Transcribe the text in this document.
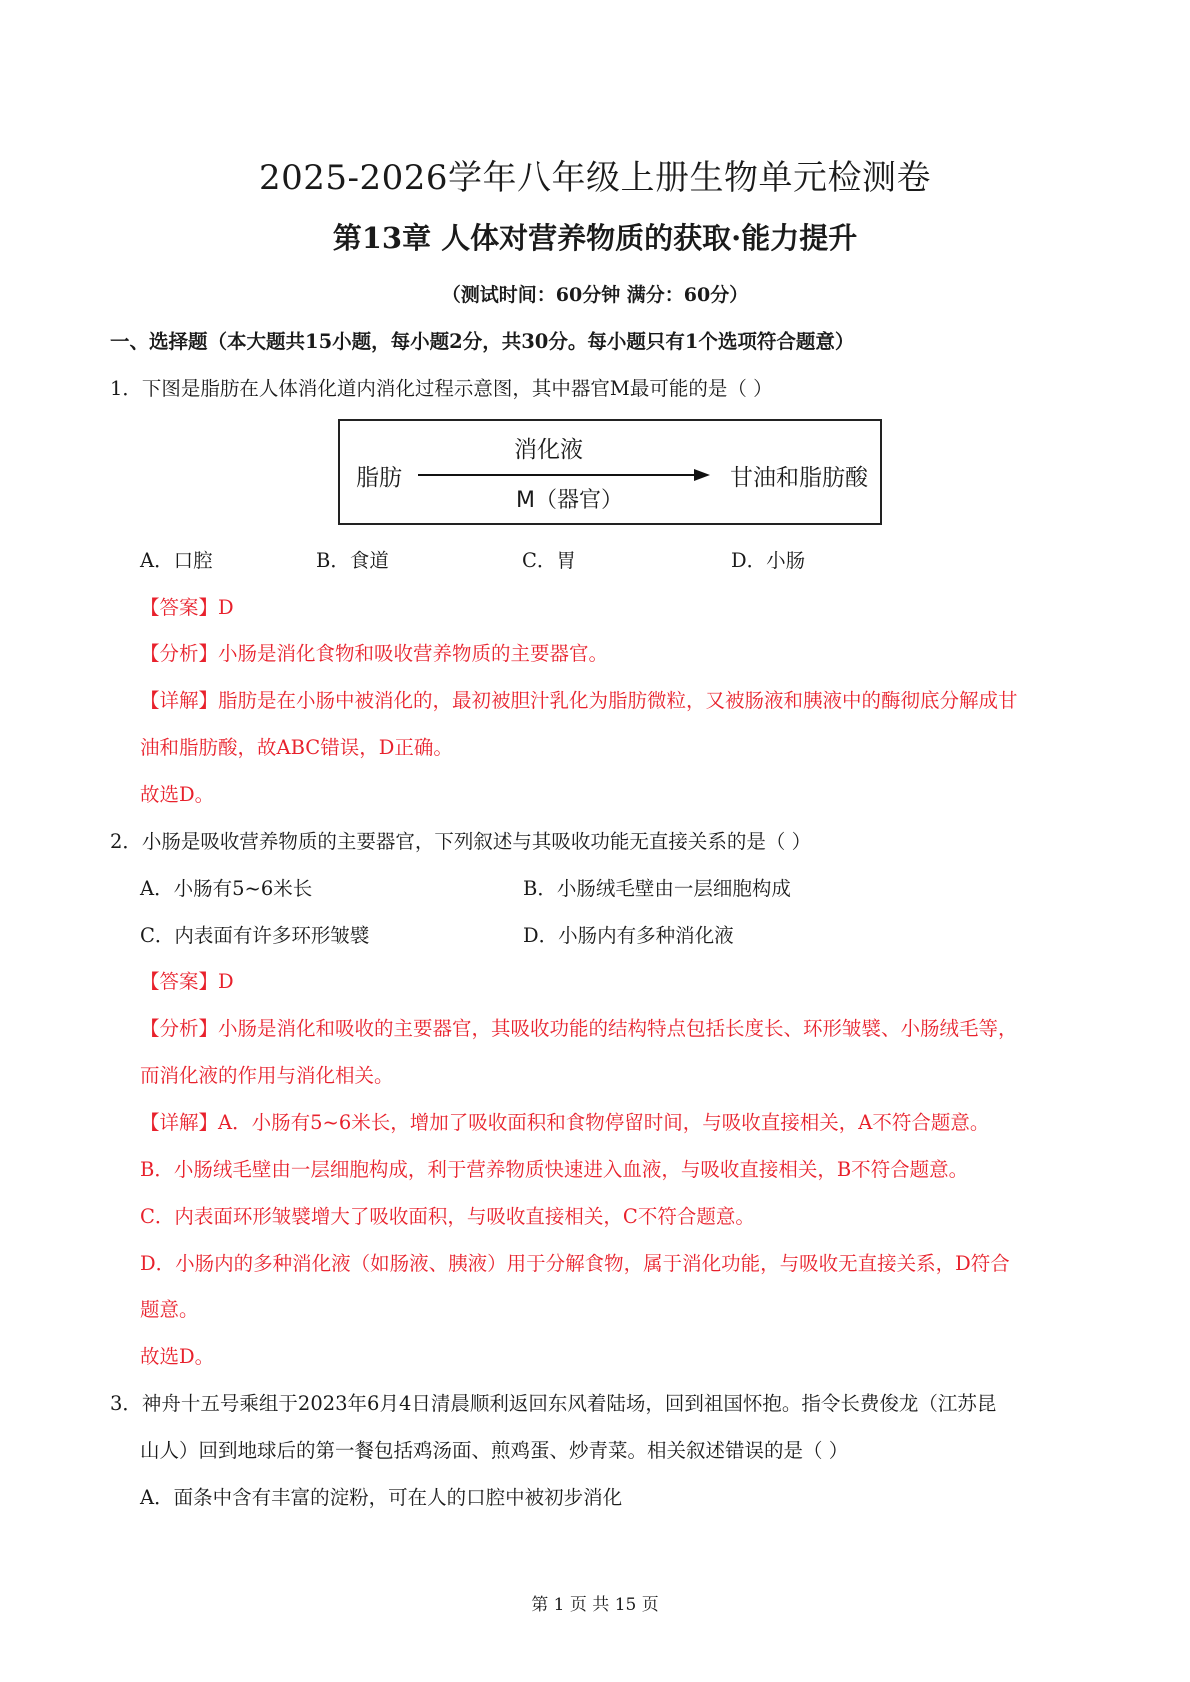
2025-2026学年八年级上册生物单元检测卷
第13章 人体对营养物质的获取·能力提升
（测试时间：60分钟 满分：60分）
一、选择题（本大题共15小题，每小题2分，共30分。每小题只有1个选项符合题意）
1．下图是脂肪在人体消化道内消化过程示意图，其中器官M最可能的是（ ）
脂肪
消化液
M（器官）
甘油和脂肪酸
A．口腔	B．食道	C．胃	D．小肠
【答案】D
【分析】小肠是消化食物和吸收营养物质的主要器官。
【详解】脂肪是在小肠中被消化的，最初被胆汁乳化为脂肪微粒，又被肠液和胰液中的酶彻底分解成甘
油和脂肪酸，故ABC错误，D正确。
故选D。
2．小肠是吸收营养物质的主要器官，下列叙述与其吸收功能无直接关系的是（ ）
A．小肠有5~6米长	B．小肠绒毛壁由一层细胞构成
C．内表面有许多环形皱襞	D．小肠内有多种消化液
【答案】D
【分析】小肠是消化和吸收的主要器官，其吸收功能的结构特点包括长度长、环形皱襞、小肠绒毛等，
而消化液的作用与消化相关。
【详解】A．小肠有5~6米长，增加了吸收面积和食物停留时间，与吸收直接相关，A不符合题意。
B．小肠绒毛壁由一层细胞构成，利于营养物质快速进入血液，与吸收直接相关，B不符合题意。
C．内表面环形皱襞增大了吸收面积，与吸收直接相关，C不符合题意。
D．小肠内的多种消化液（如肠液、胰液）用于分解食物，属于消化功能，与吸收无直接关系，D符合
题意。
故选D。
3．神舟十五号乘组于2023年6月4日清晨顺利返回东风着陆场，回到祖国怀抱。指令长费俊龙（江苏昆
山人）回到地球后的第一餐包括鸡汤面、煎鸡蛋、炒青菜。相关叙述错误的是（ ）
A．面条中含有丰富的淀粉，可在人的口腔中被初步消化
第 1 页 共 15 页
